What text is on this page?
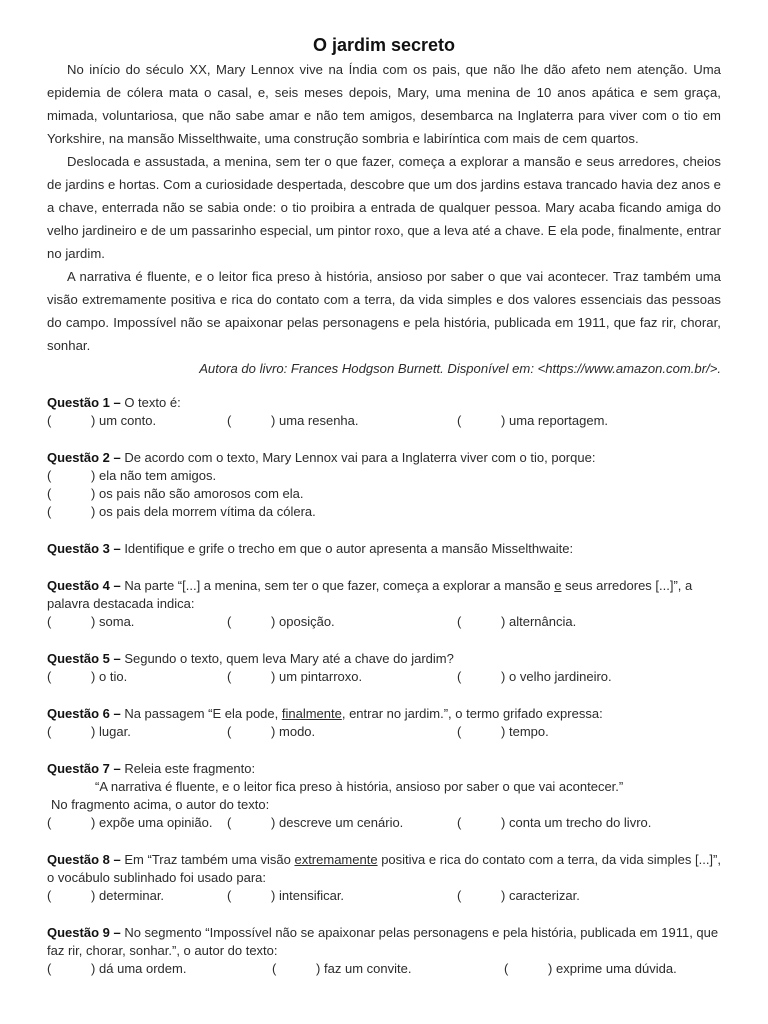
O jardim secreto

No início do século XX, Mary Lennox vive na Índia com os pais, que não lhe dão afeto nem atenção. Uma epidemia de cólera mata o casal, e, seis meses depois, Mary, uma menina de 10 anos apática e sem graça, mimada, voluntariosa, que não sabe amar e não tem amigos, desembarca na Inglaterra para viver com o tio em Yorkshire, na mansão Misselthwaite, uma construção sombria e labiríntica com mais de cem quartos.

Deslocada e assustada, a menina, sem ter o que fazer, começa a explorar a mansão e seus arredores, cheios de jardins e hortas. Com a curiosidade despertada, descobre que um dos jardins estava trancado havia dez anos e a chave, enterrada não se sabia onde: o tio proibira a entrada de qualquer pessoa. Mary acaba ficando amiga do velho jardineiro e de um passarinho especial, um pintor roxo, que a leva até a chave. E ela pode, finalmente, entrar no jardim.

A narrativa é fluente, e o leitor fica preso à história, ansioso por saber o que vai acontecer. Traz também uma visão extremamente positiva e rica do contato com a terra, da vida simples e dos valores essenciais das pessoas do campo. Impossível não se apaixonar pelas personagens e pela história, publicada em 1911, que faz rir, chorar, sonhar.

Autora do livro: Frances Hodgson Burnett. Disponível em: <https://www.amazon.com.br/>.

Questão 1 – O texto é:
(           ) um conto.	(           ) uma resenha.	(           ) uma reportagem.
Questão 2 – De acordo com o texto, Mary Lennox vai para a Inglaterra viver com o tio, porque:
(           ) ela não tem amigos.
(           ) os pais não são amorosos com ela.
(           ) os pais dela morrem vítima da cólera.
Questão 3 – Identifique e grife o trecho em que o autor apresenta a mansão Misselthwaite:
Questão 4 – Na parte “[...] a menina, sem ter o que fazer, começa a explorar a mansão e seus arredores [...]”, a palavra destacada indica:
(           ) soma.	(           ) oposição.	(           ) alternância.
Questão 5 – Segundo o texto, quem leva Mary até a chave do jardim?
(           ) o tio.	(           ) um pintarroxo.	(           ) o velho jardineiro.
Questão 6 – Na passagem “E ela pode, finalmente, entrar no jardim.”, o termo grifado expressa:
(           ) lugar.	(           ) modo.	(           ) tempo.
Questão 7 – Releia este fragmento:
“A narrativa é fluente, e o leitor fica preso à história, ansioso por saber o que vai acontecer.”
No fragmento acima, o autor do texto:
(           ) expõe uma opinião.	(           ) descreve um cenário.	(           ) conta um trecho do livro.
Questão 8 – Em “Traz também uma visão extremamente positiva e rica do contato com a terra, da vida simples [...]”, o vocábulo sublinhado foi usado para:
(           ) determinar.	(           ) intensificar.	(           ) caracterizar.
Questão 9 – No segmento “Impossível não se apaixonar pelas personagens e pela história, publicada em 1911, que faz rir, chorar, sonhar.”, o autor do texto:
(           ) dá uma ordem.	(           ) faz um convite.	(           ) exprime uma dúvida.
